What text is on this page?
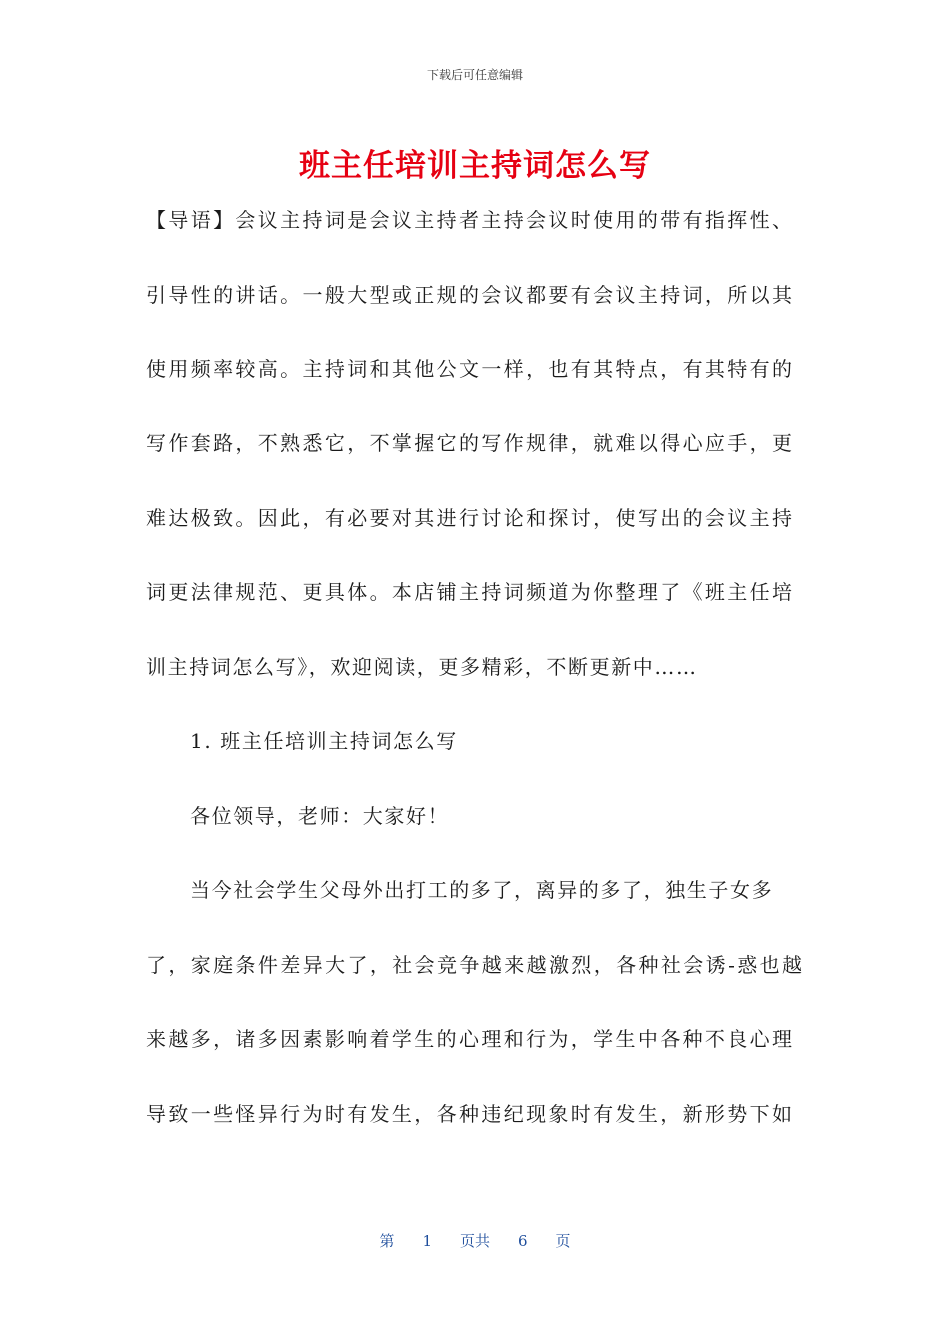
下载后可任意编辑
班主任培训主持词怎么写
【导语】会议主持词是会议主持者主持会议时使用的带有指挥性、
引导性的讲话。一般大型或正规的会议都要有会议主持词，所以其
使用频率较高。主持词和其他公文一样，也有其特点，有其特有的
写作套路，不熟悉它，不掌握它的写作规律，就难以得心应手，更
难达极致。因此，有必要对其进行讨论和探讨，使写出的会议主持
词更法律规范、更具体。本店铺主持词频道为你整理了《班主任培
训主持词怎么写》，欢迎阅读，更多精彩，不断更新中……
1. 班主任培训主持词怎么写
各位领导，老师：大家好！
当今社会学生父母外出打工的多了，离异的多了，独生子女多
了，家庭条件差异大了，社会竞争越来越激烈，各种社会诱-惑也越
来越多，诸多因素影响着学生的心理和行为，学生中各种不良心理
导致一些怪异行为时有发生，各种违纪现象时有发生，新形势下如
第 1 页共 6 页
